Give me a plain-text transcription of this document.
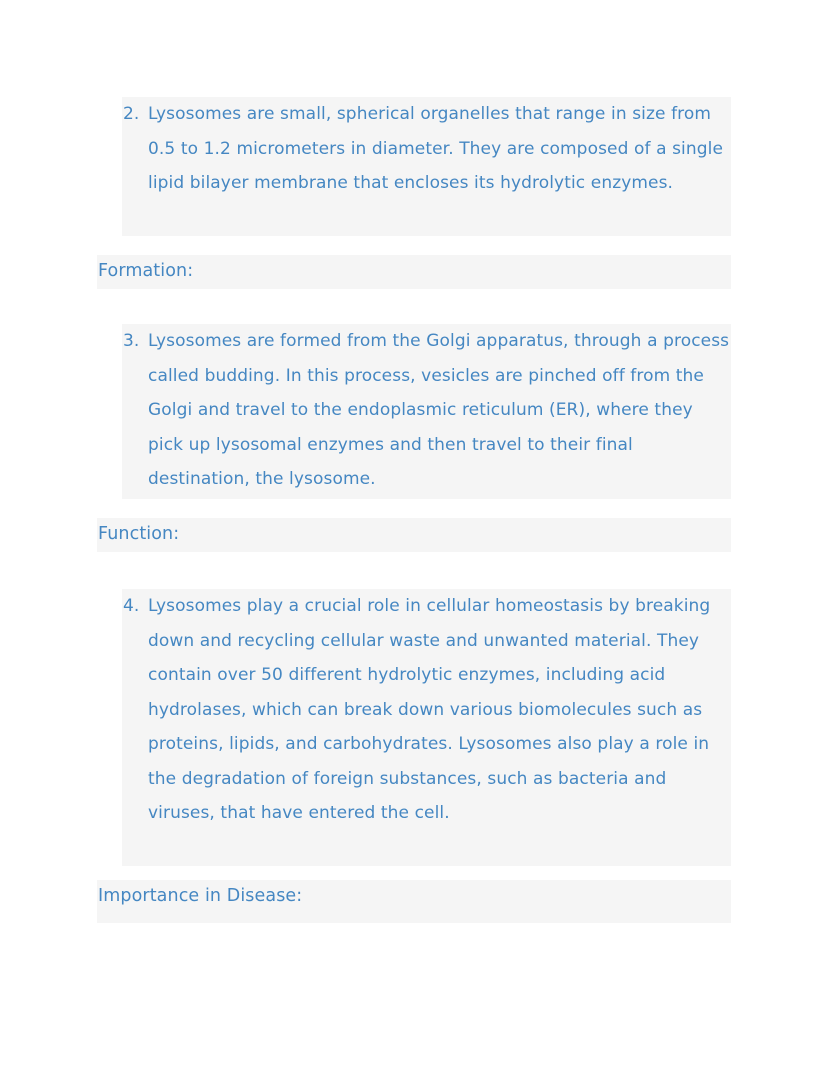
2. Lysosomes are small, spherical organelles that range in size from 0.5 to 1.2 micrometers in diameter. They are composed of a single lipid bilayer membrane that encloses its hydrolytic enzymes.
Formation:
3. Lysosomes are formed from the Golgi apparatus, through a process called budding. In this process, vesicles are pinched off from the Golgi and travel to the endoplasmic reticulum (ER), where they pick up lysosomal enzymes and then travel to their final destination, the lysosome.
Function:
4. Lysosomes play a crucial role in cellular homeostasis by breaking down and recycling cellular waste and unwanted material. They contain over 50 different hydrolytic enzymes, including acid hydrolases, which can break down various biomolecules such as proteins, lipids, and carbohydrates. Lysosomes also play a role in the degradation of foreign substances, such as bacteria and viruses, that have entered the cell.
Importance in Disease:
